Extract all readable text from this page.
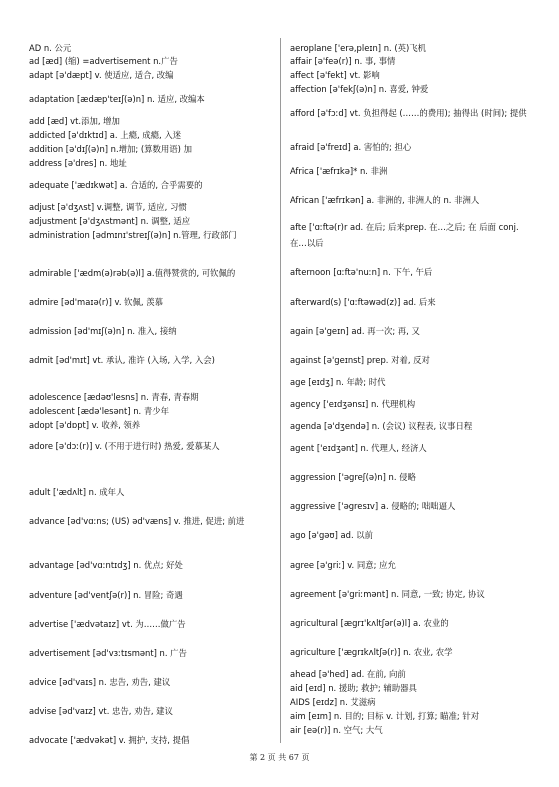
AD n. 公元
ad [æd] (缩) =advertisement n.广告
adapt [ə'dæpt] v. 使适应, 适合, 改编
adaptation [ædæp'teɪʃ(ə)n] n. 适应, 改编本
add [æd] vt.添加, 增加
addicted [ə'dɪktɪd] a. 上瘾, 成瘾, 入迷
addition [ə'dɪʃ(ə)n] n.增加; (算数用语) 加
address [ə'dres] n. 地址
adequate ['ædɪkwət] a. 合适的, 合乎需要的
adjust [ə'dʒʌst] v.调整, 调节, 适应, 习惯
adjustment [ə'dʒʌstmənt] n. 调整, 适应
administration [ədmɪnɪ'streɪʃ(ə)n] n.管理, 行政部门
admirable ['ædm(ə)rəb(ə)l] a.值得赞赏的, 可钦佩的
admire [əd'maɪə(r)] v. 钦佩, 羡慕
admission [əd'mɪʃ(ə)n] n. 准入, 接纳
admit [əd'mɪt] vt. 承认, 准许 (入场, 入学, 入会)
adolescence [ædəʊ'lesns] n. 青春, 青春期
adolescent [ædə'lesənt] n. 青少年
adopt [ə'dɒpt] v. 收养, 领养
adore [ə'dɔː(r)] v. (不用于进行时) 热爱, 爱慕某人
adult ['ædʌlt] n. 成年人
advance [əd'vɑːns; (US) əd'væns] v. 推进, 促进; 前进
advantage [əd'vɑːntɪdʒ] n. 优点; 好处
adventure [əd'ventʃə(r)] n. 冒险; 奇遇
advertise ['ædvətaɪz] vt. 为……做广告
advertisement [əd'vɜːtɪsmənt] n. 广告
advice [əd'vaɪs] n. 忠告, 劝告, 建议
advise [əd'vaɪz] vt. 忠告, 劝告, 建议
advocate ['ædvəkət] v. 拥护, 支持, 提倡
aeroplane ['erə,pleɪn] n. (英)飞机
affair [ə'feə(r)] n. 事, 事情
affect [ə'fekt] vt. 影响
affection [ə'fekʃ(ə)n] n. 喜爱, 钟爱
afford [ə'fɔːd] vt. 负担得起 (……的费用); 抽得出 (时间); 提供
afraid [ə'freɪd] a. 害怕的; 担心
Africa ['æfrɪkə]* n. 非洲
African ['æfrɪkən] a. 非洲的, 非洲人的 n. 非洲人
afte ['ɑːftə(r)r ad. 在后; 后来prep. 在…之后; 在 后面 conj. 在…以后
afternoon [ɑːftə'nuːn] n. 下午, 午后
afterward(s) ['ɑːftəwəd(z)] ad. 后来
again [ə'geɪn] ad. 再一次; 再, 又
against [ə'geɪnst] prep. 对着, 反对
age [eɪdʒ] n. 年龄; 时代
agency ['eɪdʒənsɪ] n. 代理机构
agenda [ə'dʒendə] n. (会议) 议程表, 议事日程
agent ['eɪdʒənt] n. 代理人, 经济人
aggression ['əgreʃ(ə)n] n. 侵略
aggressive ['əgresɪv] a. 侵略的; 咄咄逼人
ago [ə'gəʊ] ad. 以前
agree [ə'griː] v. 同意; 应允
agreement [ə'griːmənt] n. 同意, 一致; 协定, 协议
agricultural [ægrɪ'kʌltʃər(ə)l] a. 农业的
agriculture ['ægrɪkʌltʃə(r)] n. 农业, 农学
ahead [ə'hed] ad. 在前, 向前
aid [eɪd] n. 援助; 救护; 辅助器具
AIDS [eɪdz] n. 艾滋病
aim [eɪm] n. 目的; 目标 v. 计划, 打算; 瞄准; 针对
air [eə(r)] n. 空气; 大气
第 2 页 共 67 页
